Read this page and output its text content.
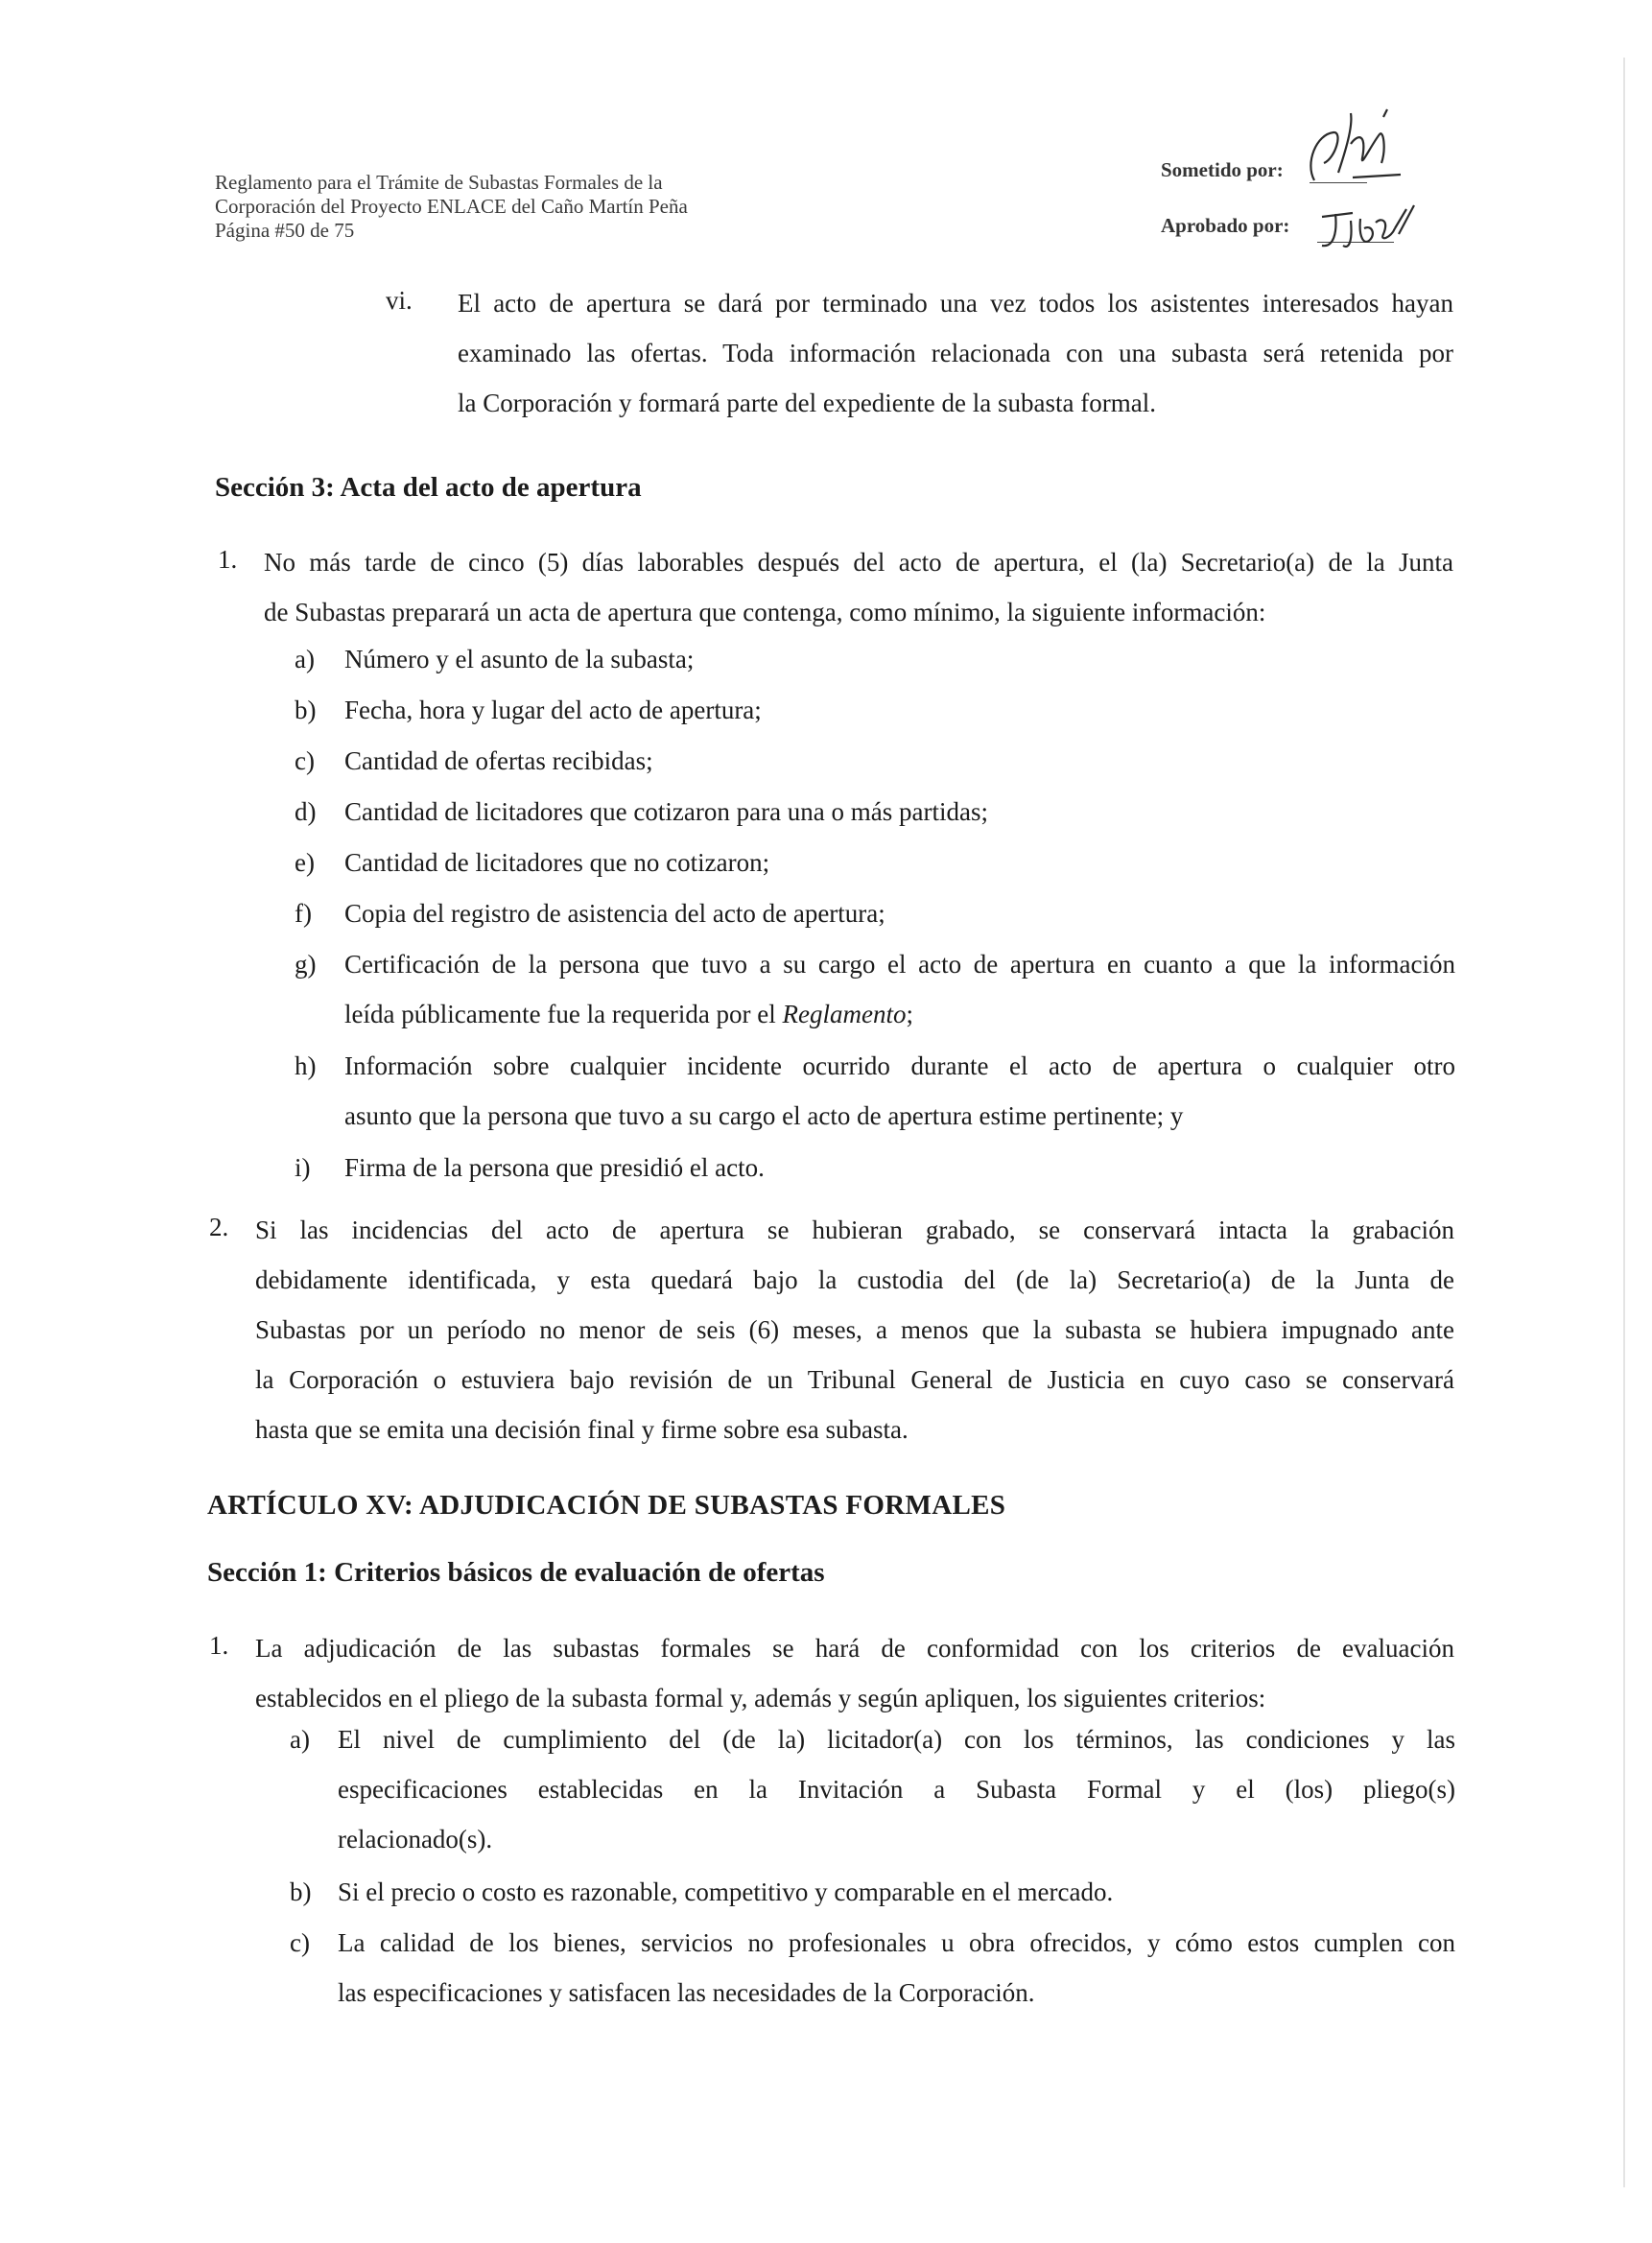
Reglamento para el Trámite de Subastas Formales de la
Corporación del Proyecto ENLACE del Caño Martín Peña
Página #50 de 75
Sometido por:
Aprobado por:
vi. El acto de apertura se dará por terminado una vez todos los asistentes interesados hayan
examinado las ofertas. Toda información relacionada con una subasta será retenida por
la Corporación y formará parte del expediente de la subasta formal.
Sección 3: Acta del acto de apertura
1. No más tarde de cinco (5) días laborables después del acto de apertura, el (la) Secretario(a) de la Junta
de Subastas preparará un acta de apertura que contenga, como mínimo, la siguiente información:
a) Número y el asunto de la subasta;
b) Fecha, hora y lugar del acto de apertura;
c) Cantidad de ofertas recibidas;
d) Cantidad de licitadores que cotizaron para una o más partidas;
e) Cantidad de licitadores que no cotizaron;
f) Copia del registro de asistencia del acto de apertura;
g) Certificación de la persona que tuvo a su cargo el acto de apertura en cuanto a que la información
leída públicamente fue la requerida por el Reglamento;
h) Información sobre cualquier incidente ocurrido durante el acto de apertura o cualquier otro
asunto que la persona que tuvo a su cargo el acto de apertura estime pertinente; y
i) Firma de la persona que presidió el acto.
2. Si las incidencias del acto de apertura se hubieran grabado, se conservará intacta la grabación
debidamente identificada, y esta quedará bajo la custodia del (de la) Secretario(a) de la Junta de
Subastas por un período no menor de seis (6) meses, a menos que la subasta se hubiera impugnado ante
la Corporación o estuviera bajo revisión de un Tribunal General de Justicia en cuyo caso se conservará
hasta que se emita una decisión final y firme sobre esa subasta.
ARTÍCULO XV: ADJUDICACIÓN DE SUBASTAS FORMALES
Sección 1: Criterios básicos de evaluación de ofertas
1. La adjudicación de las subastas formales se hará de conformidad con los criterios de evaluación
establecidos en el pliego de la subasta formal y, además y según apliquen, los siguientes criterios:
a) El nivel de cumplimiento del (de la) licitador(a) con los términos, las condiciones y las
especificaciones establecidas en la Invitación a Subasta Formal y el (los) pliego(s)
relacionado(s).
b) Si el precio o costo es razonable, competitivo y comparable en el mercado.
c) La calidad de los bienes, servicios no profesionales u obra ofrecidos, y cómo estos cumplen con
las especificaciones y satisfacen las necesidades de la Corporación.
